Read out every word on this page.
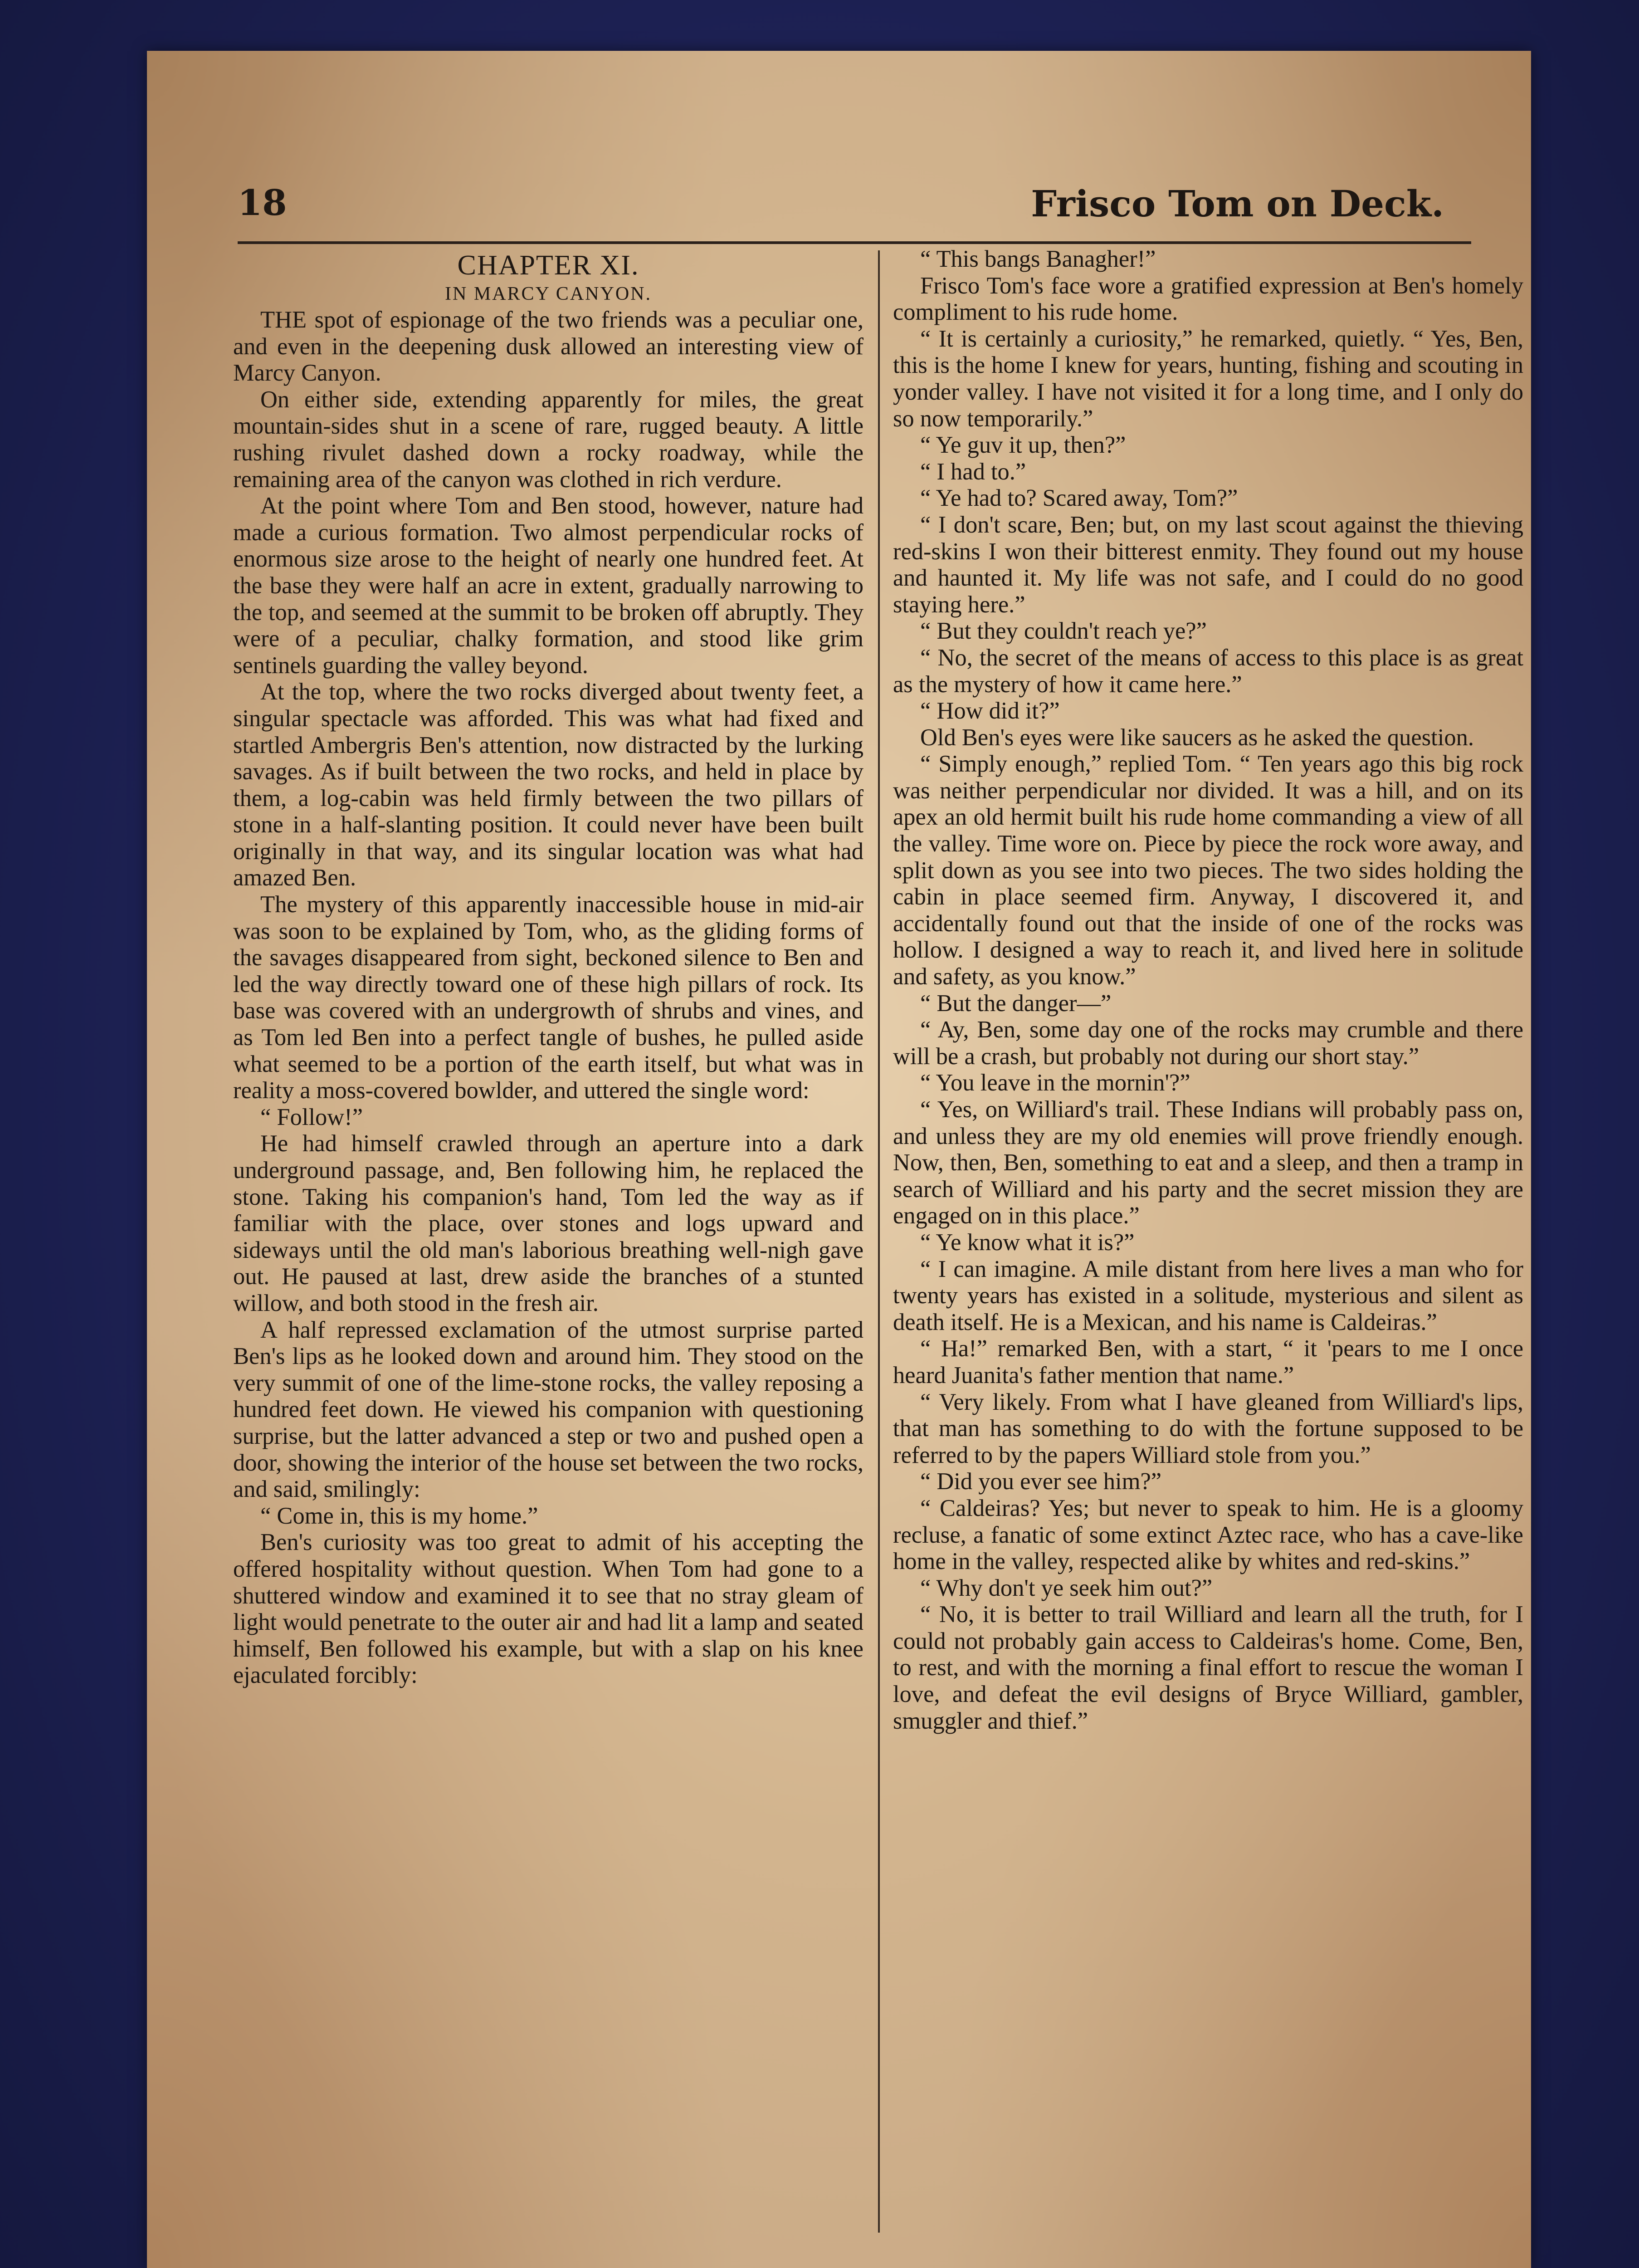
18	Frisco Tom on Deck.
CHAPTER XI.
IN MARCY CANYON.

THE spot of espionage of the two friends was a peculiar one, and even in the deepening dusk allowed an interesting view of Marcy Canyon.

On either side, extending apparently for miles, the great mountain-sides shut in a scene of rare, rugged beauty. A little rushing rivulet dashed down a rocky roadway, while the remaining area of the canyon was clothed in rich verdure.

At the point where Tom and Ben stood, however, nature had made a curious formation. Two almost perpendicular rocks of enormous size arose to the height of nearly one hundred feet. At the base they were half an acre in extent, gradually narrowing to the top, and seemed at the summit to be broken off abruptly. They were of a peculiar, chalky formation, and stood like grim sentinels guarding the valley beyond.

At the top, where the two rocks diverged about twenty feet, a singular spectacle was afforded. This was what had fixed and startled Ambergris Ben's attention, now distracted by the lurking savages. As if built between the two rocks, and held in place by them, a log-cabin was held firmly between the two pillars of stone in a half-slanting position. It could never have been built originally in that way, and its singular location was what had amazed Ben.

The mystery of this apparently inaccessible house in mid-air was soon to be explained by Tom, who, as the gliding forms of the savages disappeared from sight, beckoned silence to Ben and led the way directly toward one of these high pillars of rock. Its base was covered with an undergrowth of shrubs and vines, and as Tom led Ben into a perfect tangle of bushes, he pulled aside what seemed to be a portion of the earth itself, but what was in reality a moss-covered bowlder, and uttered the single word:

“ Follow!”

He had himself crawled through an aperture into a dark underground passage, and, Ben following him, he replaced the stone. Taking his companion's hand, Tom led the way as if familiar with the place, over stones and logs upward and sideways until the old man's laborious breathing well-nigh gave out. He paused at last, drew aside the branches of a stunted willow, and both stood in the fresh air.

A half repressed exclamation of the utmost surprise parted Ben's lips as he looked down and around him. They stood on the very summit of one of the lime-stone rocks, the valley reposing a hundred feet down. He viewed his companion with questioning surprise, but the latter advanced a step or two and pushed open a door, showing the interior of the house set between the two rocks, and said, smilingly:

“ Come in, this is my home.”

Ben's curiosity was too great to admit of his accepting the offered hospitality without question. When Tom had gone to a shuttered window and examined it to see that no stray gleam of light would penetrate to the outer air and had lit a lamp and seated himself, Ben followed his example, but with a slap on his knee ejaculated forcibly:

“ This bangs Banagher!”

Frisco Tom's face wore a gratified expression at Ben's homely compliment to his rude home.

“ It is certainly a curiosity,” he remarked, quietly. “ Yes, Ben, this is the home I knew for years, hunting, fishing and scouting in yonder valley. I have not visited it for a long time, and I only do so now temporarily.”

“ Ye guv it up, then?”

“ I had to.”

“ Ye had to? Scared away, Tom?”

“ I don't scare, Ben; but, on my last scout against the thieving red-skins I won their bitterest enmity. They found out my house and haunted it. My life was not safe, and I could do no good staying here.”

“ But they couldn't reach ye?”

“ No, the secret of the means of access to this place is as great as the mystery of how it came here.”

“ How did it?”

Old Ben's eyes were like saucers as he asked the question.

“ Simply enough,” replied Tom. “ Ten years ago this big rock was neither perpendicular nor divided. It was a hill, and on its apex an old hermit built his rude home commanding a view of all the valley. Time wore on. Piece by piece the rock wore away, and split down as you see into two pieces. The two sides holding the cabin in place seemed firm. Anyway, I discovered it, and accidentally found out that the inside of one of the rocks was hollow. I designed a way to reach it, and lived here in solitude and safety, as you know.”

“ But the danger—”

“ Ay, Ben, some day one of the rocks may crumble and there will be a crash, but probably not during our short stay.”

“ You leave in the mornin'?”

“ Yes, on Williard's trail. These Indians will probably pass on, and unless they are my old enemies will prove friendly enough. Now, then, Ben, something to eat and a sleep, and then a tramp in search of Williard and his party and the secret mission they are engaged on in this place.”

“ Ye know what it is?”

“ I can imagine. A mile distant from here lives a man who for twenty years has existed in a solitude, mysterious and silent as death itself. He is a Mexican, and his name is Caldeiras.”

“ Ha!” remarked Ben, with a start, “ it 'pears to me I once heard Juanita's father mention that name.”

“ Very likely. From what I have gleaned from Williard's lips, that man has something to do with the fortune supposed to be referred to by the papers Williard stole from you.”

“ Did you ever see him?”

“ Caldeiras? Yes; but never to speak to him. He is a gloomy recluse, a fanatic of some extinct Aztec race, who has a cave-like home in the valley, respected alike by whites and red-skins.”

“ Why don't ye seek him out?”

“ No, it is better to trail Williard and learn all the truth, for I could not probably gain access to Caldeiras's home. Come, Ben, to rest, and with the morning a final effort to rescue the woman I love, and defeat the evil designs of Bryce Williard, gambler, smuggler and thief.”
